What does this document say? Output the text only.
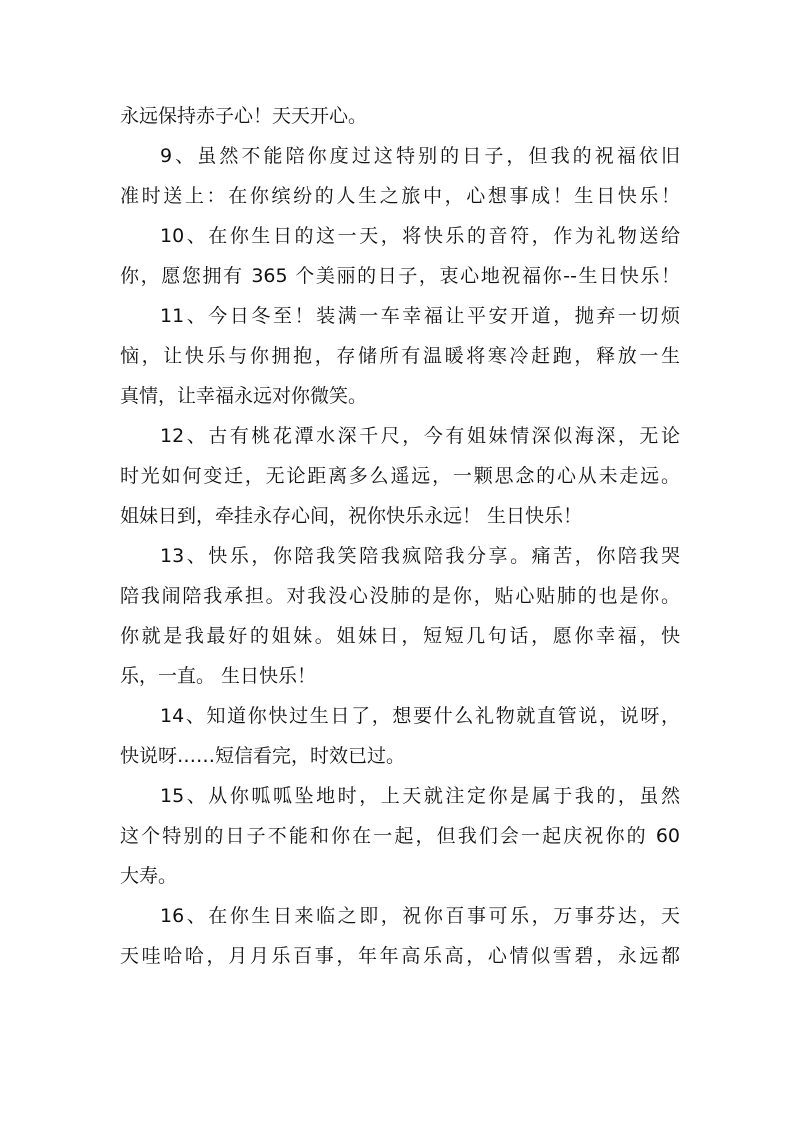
永远保持赤子心！天天开心。
9、虽然不能陪你度过这特别的日子，但我的祝福依旧
准时送上：在你缤纷的人生之旅中，心想事成！生日快乐！
10、在你生日的这一天，将快乐的音符，作为礼物送给
你，愿您拥有 365 个美丽的日子，衷心地祝福你--生日快乐！
11、今日冬至！装满一车幸福让平安开道，抛弃一切烦
恼，让快乐与你拥抱，存储所有温暖将寒冷赶跑，释放一生
真情，让幸福永远对你微笑。
12、古有桃花潭水深千尺，今有姐妹情深似海深，无论
时光如何变迁，无论距离多么遥远，一颗思念的心从未走远。
姐妹日到，牵挂永存心间，祝你快乐永远！ 生日快乐！
13、快乐，你陪我笑陪我疯陪我分享。痛苦，你陪我哭
陪我闹陪我承担。对我没心没肺的是你，贴心贴肺的也是你。
你就是我最好的姐妹。姐妹日，短短几句话，愿你幸福，快
乐，一直。 生日快乐！
14、知道你快过生日了，想要什么礼物就直管说，说呀，
快说呀……短信看完，时效已过。
15、从你呱呱坠地时，上天就注定你是属于我的，虽然
这个特别的日子不能和你在一起，但我们会一起庆祝你的 60
大寿。
16、在你生日来临之即，祝你百事可乐，万事芬达，天
天哇哈哈，月月乐百事，年年高乐高，心情似雪碧，永远都
